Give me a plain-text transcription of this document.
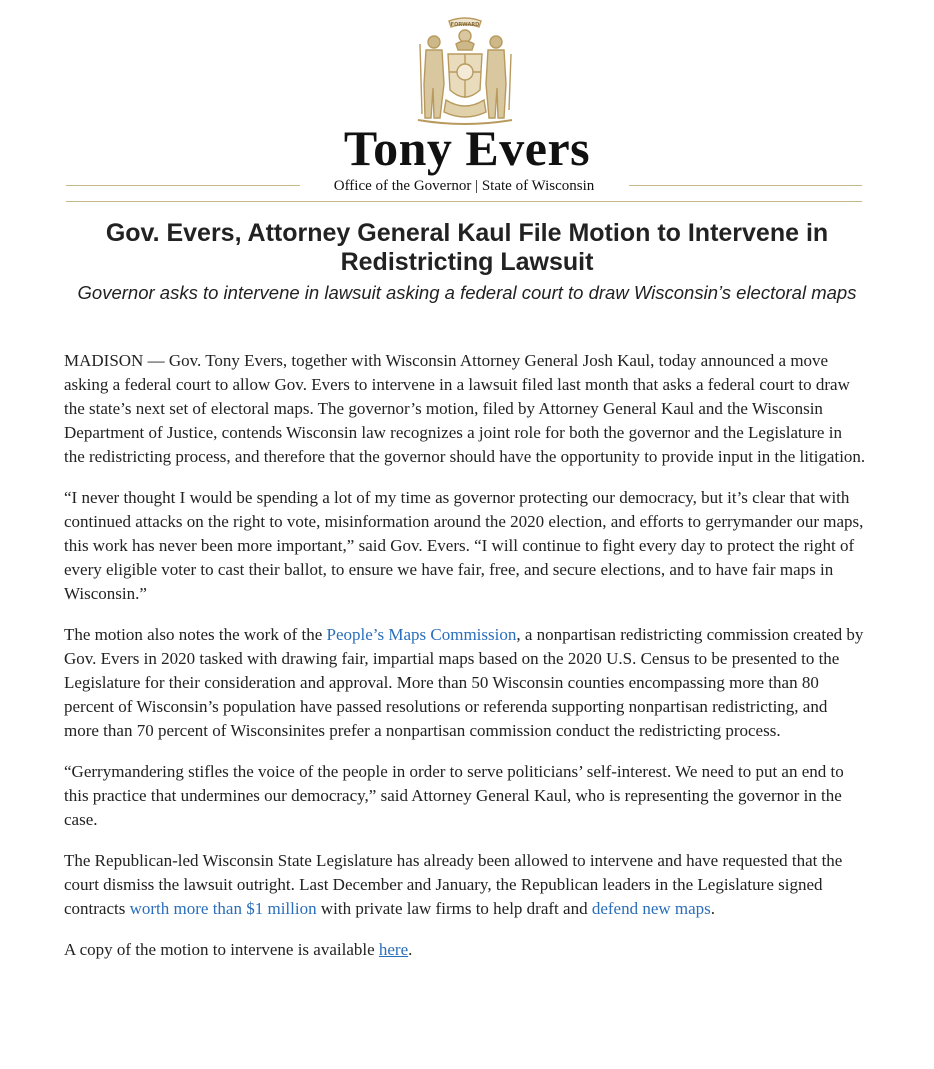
FORWARD
Tony Evers
Office of the Governor | State of Wisconsin
Gov. Evers, Attorney General Kaul File Motion to Intervene in Redistricting Lawsuit

Governor asks to intervene in lawsuit asking a federal court to draw Wisconsin’s electoral maps

MADISON — Gov. Tony Evers, together with Wisconsin Attorney General Josh Kaul, today announced a move asking a federal court to allow Gov. Evers to intervene in a lawsuit filed last month that asks a federal court to draw the state’s next set of electoral maps. The governor’s motion, filed by Attorney General Kaul and the Wisconsin Department of Justice, contends Wisconsin law recognizes a joint role for both the governor and the Legislature in the redistricting process, and therefore that the governor should have the opportunity to provide input in the litigation.

“I never thought I would be spending a lot of my time as governor protecting our democracy, but it’s clear that with continued attacks on the right to vote, misinformation around the 2020 election, and efforts to gerrymander our maps, this work has never been more important,” said Gov. Evers. “I will continue to fight every day to protect the right of every eligible voter to cast their ballot, to ensure we have fair, free, and secure elections, and to have fair maps in Wisconsin.”

The motion also notes the work of the People’s Maps Commission, a nonpartisan redistricting commission created by Gov. Evers in 2020 tasked with drawing fair, impartial maps based on the 2020 U.S. Census to be presented to the Legislature for their consideration and approval. More than 50 Wisconsin counties encompassing more than 80 percent of Wisconsin’s population have passed resolutions or referenda supporting nonpartisan redistricting, and more than 70 percent of Wisconsinites prefer a nonpartisan commission conduct the redistricting process.

“Gerrymandering stifles the voice of the people in order to serve politicians’ self-interest. We need to put an end to this practice that undermines our democracy,” said Attorney General Kaul, who is representing the governor in the case.

The Republican-led Wisconsin State Legislature has already been allowed to intervene and have requested that the court dismiss the lawsuit outright. Last December and January, the Republican leaders in the Legislature signed contracts worth more than $1 million with private law firms to help draft and defend new maps.

A copy of the motion to intervene is available here.
